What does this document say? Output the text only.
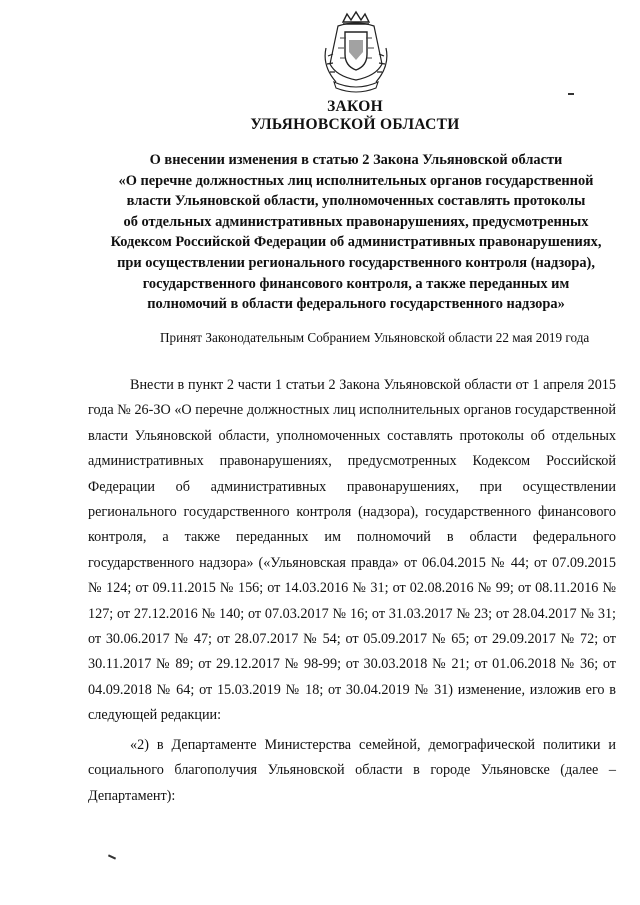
ЗАКОН
УЛЬЯНОВСКОЙ ОБЛАСТИ
О внесении изменения в статью 2 Закона Ульяновской области
«О перечне должностных лиц исполнительных органов государственной
власти Ульяновской области, уполномоченных составлять протоколы
об отдельных административных правонарушениях, предусмотренных
Кодексом Российской Федерации об административных правонарушениях,
при осуществлении регионального государственного контроля (надзора),
государственного финансового контроля, а также переданных им
полномочий в области федерального государственного надзора»
Принят Законодательным Собранием Ульяновской области 22 мая 2019 года

Внести в пункт 2 части 1 статьи 2 Закона Ульяновской области от 1 апреля 2015 года № 26-ЗО «О перечне должностных лиц исполнительных органов государственной власти Ульяновской области, уполномоченных составлять протоколы об отдельных административных правонарушениях, предусмотренных Кодексом Российской Федерации об административных правонарушениях, при осуществлении регионального государственного контроля (надзора), государственного финансового контроля, а также переданных им полномочий в области федерального государственного надзора» («Ульяновская правда» от 06.04.2015 № 44; от 07.09.2015 № 124; от 09.11.2015 № 156; от 14.03.2016 № 31; от 02.08.2016 № 99; от 08.11.2016 № 127; от 27.12.2016 № 140; от 07.03.2017 № 16; от 31.03.2017 № 23; от 28.04.2017 № 31; от 30.06.2017 № 47; от 28.07.2017 № 54; от 05.09.2017 № 65; от 29.09.2017 № 72; от 30.11.2017 № 89; от 29.12.2017 № 98-99; от 30.03.2018 № 21; от 01.06.2018 № 36; от 04.09.2018 № 64; от 15.03.2019 № 18; от 30.04.2019 № 31) изменение, изложив его в следующей редакции:

«2) в Департаменте Министерства семейной, демографической политики и социального благополучия Ульяновской области в городе Ульяновске (далее – Департамент):
